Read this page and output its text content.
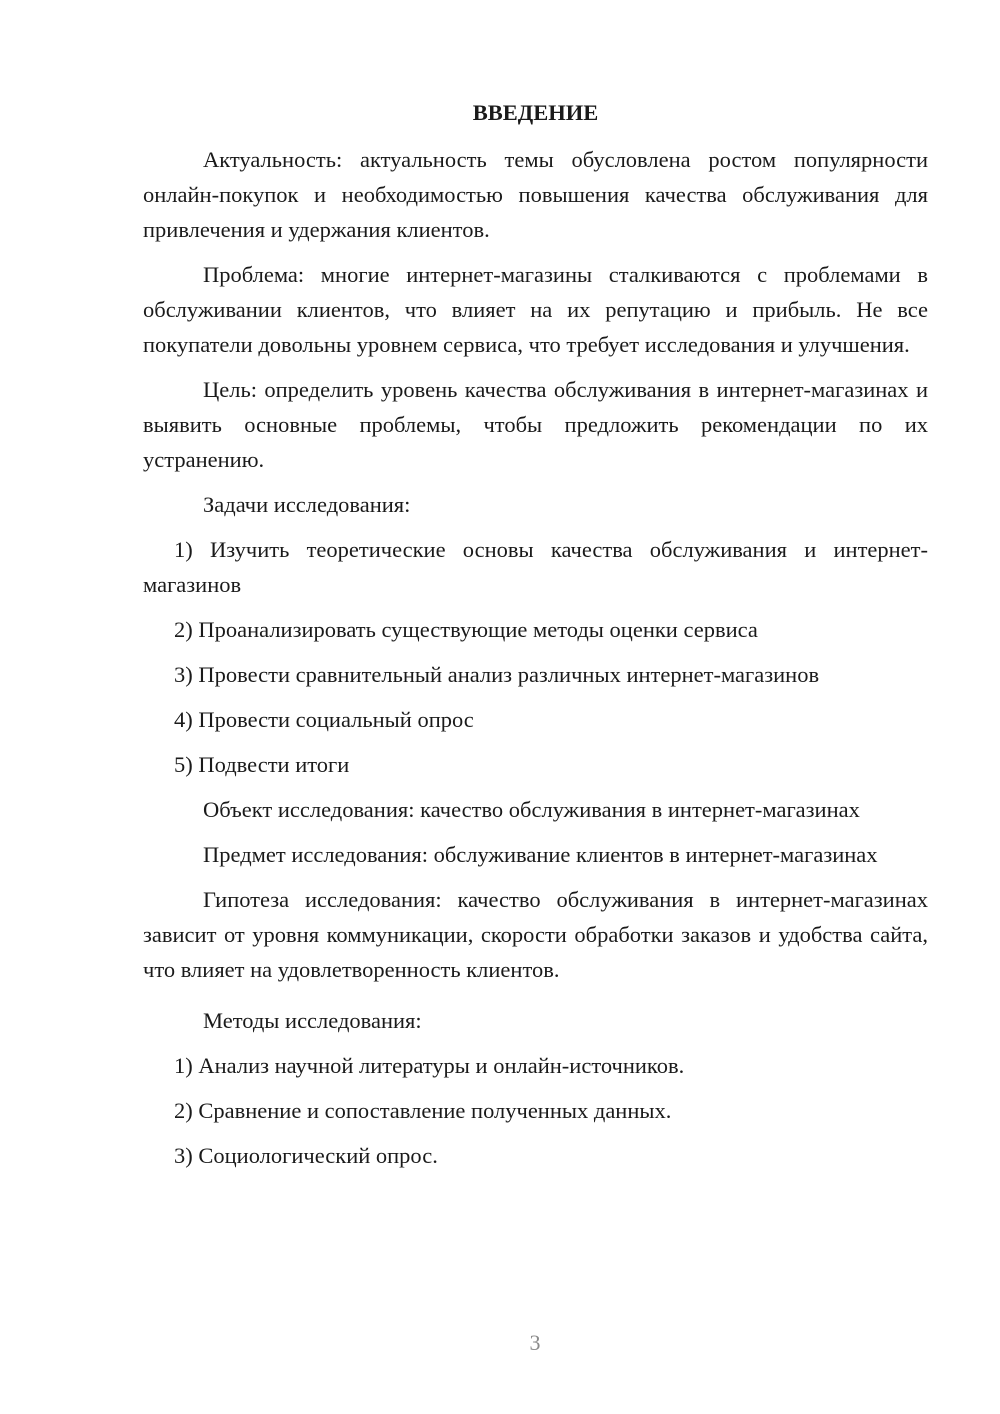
ВВЕДЕНИЕ

Актуальность: актуальность темы обусловлена ростом популярности онлайн-покупок и необходимостью повышения качества обслуживания для привлечения и удержания клиентов.

Проблема: многие интернет-магазины сталкиваются с проблемами в обслуживании клиентов, что влияет на их репутацию и прибыль. Не все покупатели довольны уровнем сервиса, что требует исследования и улучшения.

Цель: определить уровень качества обслуживания в интернет-магазинах и выявить основные проблемы, чтобы предложить рекомендации по их устранению.

Задачи исследования:
1) Изучить теоретические основы качества обслуживания и интернет-магазинов
2) Проанализировать существующие методы оценки сервиса
3) Провести сравнительный анализ различных интернет-магазинов
4) Провести социальный опрос
5) Подвести итоги

Объект исследования: качество обслуживания в интернет-магазинах

Предмет исследования: обслуживание клиентов в интернет-магазинах

Гипотеза исследования: качество обслуживания в интернет-магазинах зависит от уровня коммуникации, скорости обработки заказов и удобства сайта, что влияет на удовлетворенность клиентов.

Методы исследования:
1) Анализ научной литературы и онлайн-источников.
2) Сравнение и сопоставление полученных данных.
3) Социологический опрос.
3
